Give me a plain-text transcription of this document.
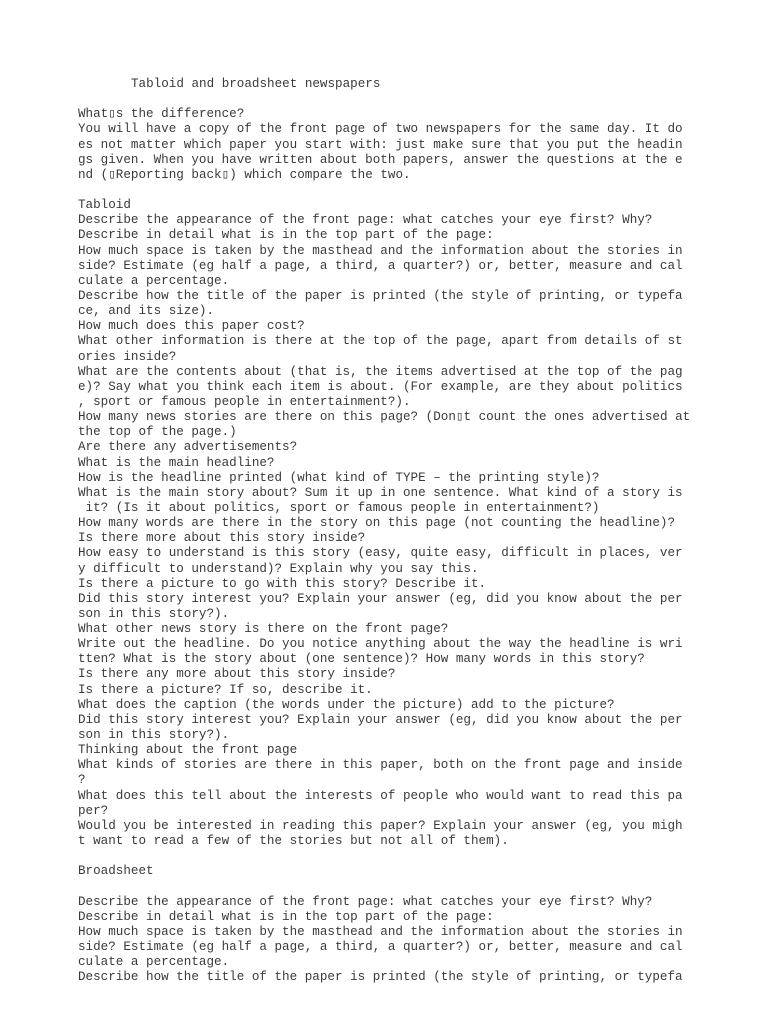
Tabloid and broadsheet newspapers
What▯s the difference?
You will have a copy of the front page of two newspapers for the same day. It do
es not matter which paper you start with: just make sure that you put the headin
gs given. When you have written about both papers, answer the questions at the e
nd (▯Reporting back▯) which compare the two.
Tabloid
Describe the appearance of the front page: what catches your eye first? Why?
Describe in detail what is in the top part of the page:
How much space is taken by the masthead and the information about the stories in
side? Estimate (eg half a page, a third, a quarter?) or, better, measure and cal
culate a percentage.
Describe how the title of the paper is printed (the style of printing, or typefa
ce, and its size).
How much does this paper cost?
What other information is there at the top of the page, apart from details of st
ories inside?
What are the contents about (that is, the items advertised at the top of the pag
e)? Say what you think each item is about. (For example, are they about politics
, sport or famous people in entertainment?).
How many news stories are there on this page? (Don▯t count the ones advertised at
the top of the page.)
Are there any advertisements?
What is the main headline?
How is the headline printed (what kind of TYPE – the printing style)?
What is the main story about? Sum it up in one sentence. What kind of a story is
it? (Is it about politics, sport or famous people in entertainment?)
How many words are there in the story on this page (not counting the headline)?
Is there more about this story inside?
How easy to understand is this story (easy, quite easy, difficult in places, ver
y difficult to understand)? Explain why you say this.
Is there a picture to go with this story? Describe it.
Did this story interest you? Explain your answer (eg, did you know about the per
son in this story?).
What other news story is there on the front page?
Write out the headline. Do you notice anything about the way the headline is wri
tten? What is the story about (one sentence)? How many words in this story?
Is there any more about this story inside?
Is there a picture? If so, describe it.
What does the caption (the words under the picture) add to the picture?
Did this story interest you? Explain your answer (eg, did you know about the per
son in this story?).
Thinking about the front page
What kinds of stories are there in this paper, both on the front page and inside
?
What does this tell about the interests of people who would want to read this pa
per?
Would you be interested in reading this paper? Explain your answer (eg, you migh
t want to read a few of the stories but not all of them).
Broadsheet
Describe the appearance of the front page: what catches your eye first? Why?
Describe in detail what is in the top part of the page:
How much space is taken by the masthead and the information about the stories in
side? Estimate (eg half a page, a third, a quarter?) or, better, measure and cal
culate a percentage.
Describe how the title of the paper is printed (the style of printing, or typefa
